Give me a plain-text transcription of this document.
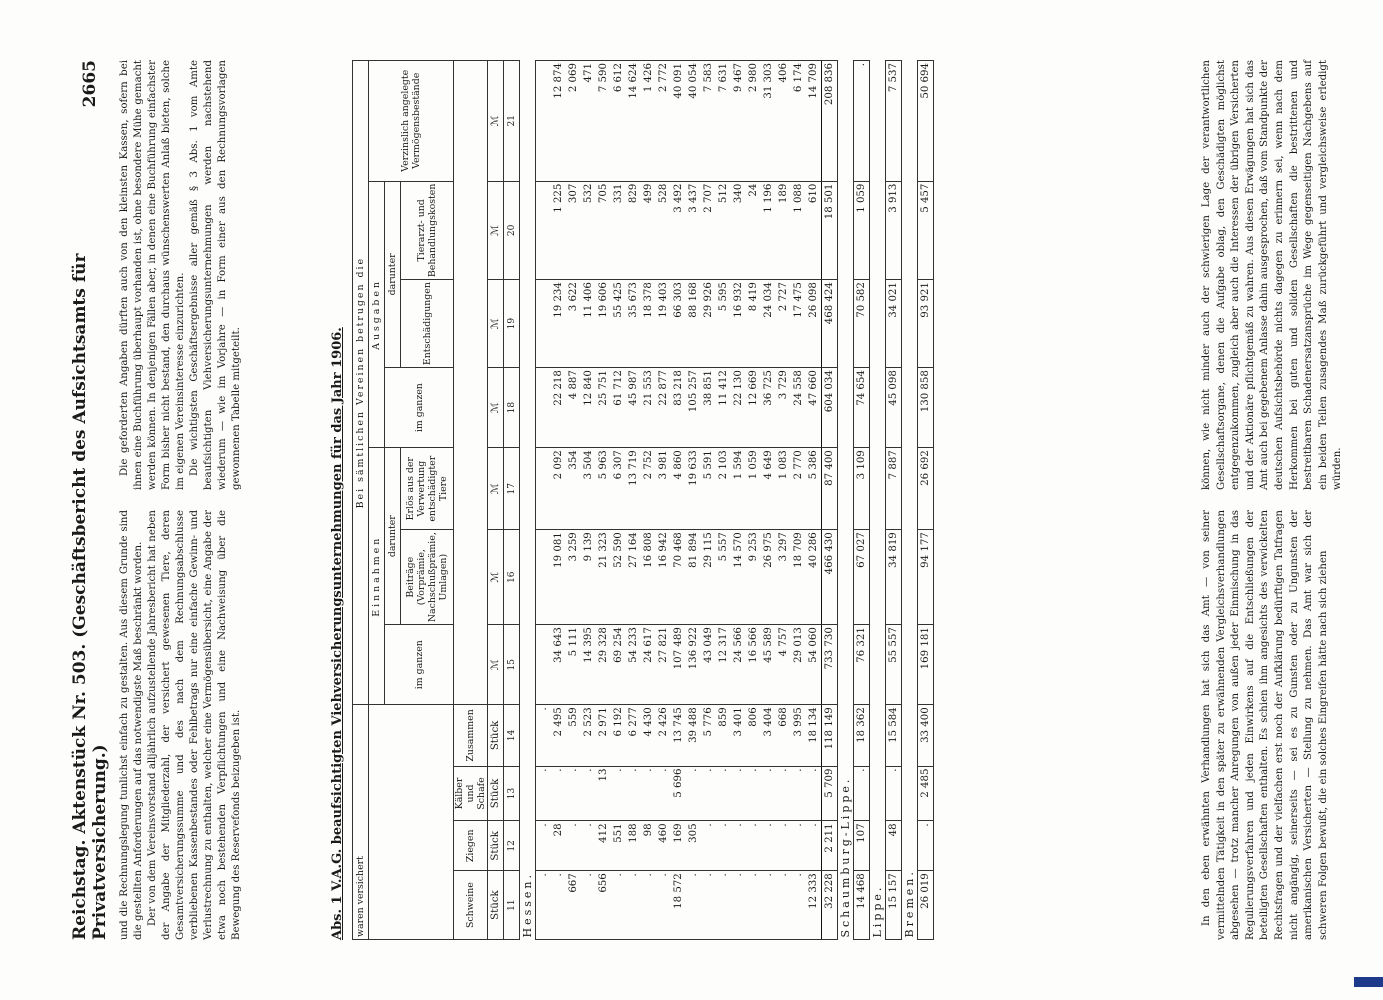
Reichstag. Aktenstück Nr. 503. (Geschäftsbericht des Aufsichtsamts für Privatversicherung.)
2665

und die Rechnungslegung tunlichst einfach zu gestalten. Aus diesem Grunde sind die gestellten Anforderungen auf das notwendigste Maß beschränkt worden. Der von dem Vereinsvorstand alljährlich aufzustellende Jahresbericht hat neben der Angabe der Mitgliederzahl, der versichert gewesenen Tiere, deren Gesamtversicherungssumme und des nach dem Rechnungsabschlusse verbliebenen Kassenbestandes oder Fehlbetrags nur eine einfache Gewinn- und Verlustrechnung zu enthalten, welcher eine Vermögensübersicht, eine Angabe der etwa noch bestehenden Verpflichtungen und eine Nachweisung über die Bewegung des Reservefonds beizugeben ist.

Die geforderten Angaben dürften auch von den kleinsten Kassen, sofern bei ihnen eine Buchführung überhaupt vorhanden ist, ohne besondere Mühe gemacht werden können. In denjenigen Fällen aber, in denen eine Buchführung einfachster Form bisher nicht bestand, den durchaus wünschenswerten Anlaß bieten, solche im eigenen Vereinsinteresse einzurichten. Die wichtigsten Geschäftsergebnisse aller gemäß § 3 Abs. 1 vom Amte beaufsichtigten Viehversicherungsunternehmungen werden nachstehend wiederum — wie im Vorjahre — in Form einer aus den Rechnungsvorlagen gewonnenen Tabelle mitgeteilt.	Abs. 1 V.A.G. beaufsichtigten Viehversicherungsunternehmungen für das Jahr 1906. waren versichert				Bei sämtlichen Vereinen betrugen die						
				Einnahmen			Ausgaben			Verzinslich angelegte Vermögensbestände
				im ganzen	darunter		im ganzen	darunter		
					Beiträge (Vorprämie, Nachschußprämie, Umlagen)	Erlös aus der Verwertung entschädigter Tiere		Entschädigungen	Tierarzt- und Behandlungskosten	
Schweine	Ziegen	Kälber und Schafe	Zusammen							
Stück	Stück	Stück	Stück	ℳ	ℳ	ℳ	ℳ	ℳ	ℳ	ℳ
11	12	13	14	15	16	17	18	19	20	21
Hessen.										
.	.	.	.							
.	28	.	2 495	34 643	19 081	2 092	22 218	19 234	1 225	12 874
667	.	.	559	5 111	3 259	354	4 887	3 622	307	2 069
.	.	.	2 523	14 395	9 139	3 504	12 840	11 406	532	471
656	412	13	2 971	29 328	21 323	5 963	25 751	19 606	705	7 590
.	551	.	6 192	69 254	52 590	6 307	61 712	55 425	331	6 612
.	188	.	6 277	54 233	27 164	13 719	45 987	35 673	829	14 624
.	98	.	4 430	24 617	16 808	2 752	21 553	18 378	499	1 426
.	460	.	2 426	27 821	16 942	3 981	22 877	19 403	528	2 772
18 572	169	5 696	13 745	107 489	70 468	4 860	83 218	66 303	3 492	40 091
.	305	.	39 488	136 922	81 894	19 633	105 257	88 168	3 437	40 054
.	.	.	5 776	43 049	29 115	5 591	38 851	29 926	2 707	7 583
.	.	.	859	12 317	5 557	2 103	11 412	5 595	512	7 631
.	.	.	3 401	24 566	14 570	1 594	22 130	16 932	340	9 467
.	.	.	806	16 566	9 253	1 059	12 669	8 419	24	2 980
.	.	.	3 404	45 589	26 975	4 649	36 725	24 034	1 196	31 303
.	.	.	668	4 757	3 297	1 083	3 729	2 727	189	406
.	.	.	3 995	29 013	18 709	2 770	24 558	17 475	1 088	6 174
12 333	.	.	18 134	54 060	40 286	5 386	47 660	26 098	610	14 709
32 228	2 211	5 709	118 149	733 730	466 430	87 400	604 034	468 424	18 501	208 836
Schaumburg-Lippe.										
14 468	107	.	18 362	76 321	67 027	3 109	74 654	70 582	1 059	.
Lippe.										
15 157	48	.	15 584	55 557	34 819	7 887	45 098	34 021	3 913	7 537
Bremen.										
26 019	.	2 485	33 400	169 181	94 177	26 692	130 858	93 921	5 457	50 694
In den eben erwähnten Verhandlungen hat sich das Amt — von seiner vermittelnden Tätigkeit in den später zu erwähnenden Vergleichsverhandlungen abgesehen — trotz mancher Anregungen von außen jeder Einmischung in das Regulierungsverfahren und jeden Einwirkens auf die Entschließungen der beteiligten Gesellschaften enthalten. Es schien ihm angesichts des verwickelten Rechtsfragen und der vielfachen erst noch der Aufklärung bedürftigen Tatfragen nicht angängig, seinerseits — sei es zu Gunsten oder zu Ungunsten der amerikanischen Versicherten — Stellung zu nehmen. Das Amt war sich der schweren Folgen bewußt, die ein solches Eingreifen hätte nach sich ziehen
können, wie nicht minder auch der schwierigen Lage der verantwortlichen Gesellschaftsorgane, denen die Aufgabe oblag, den Geschädigten möglichst entgegenzukommen, zugleich aber auch die Interessen der übrigen Versicherten und der Aktionäre pflichtgemäß zu wahren. Aus diesen Erwägungen hat sich das Amt auch bei gegebenem Anlasse dahin ausgesprochen, daß vom Standpunkte der deutschen Aufsichtsbehörde nichts dagegen zu erinnern sei, wenn nach dem Herkommen bei guten und soliden Gesellschaften die bestrittenen und bestreitbaren Schadenersatzansprüche im Wege gegenseitigen Nachgebens auf ein beiden Teilen zusagendes Maß zurückgeführt und vergleichsweise erledigt würden.
